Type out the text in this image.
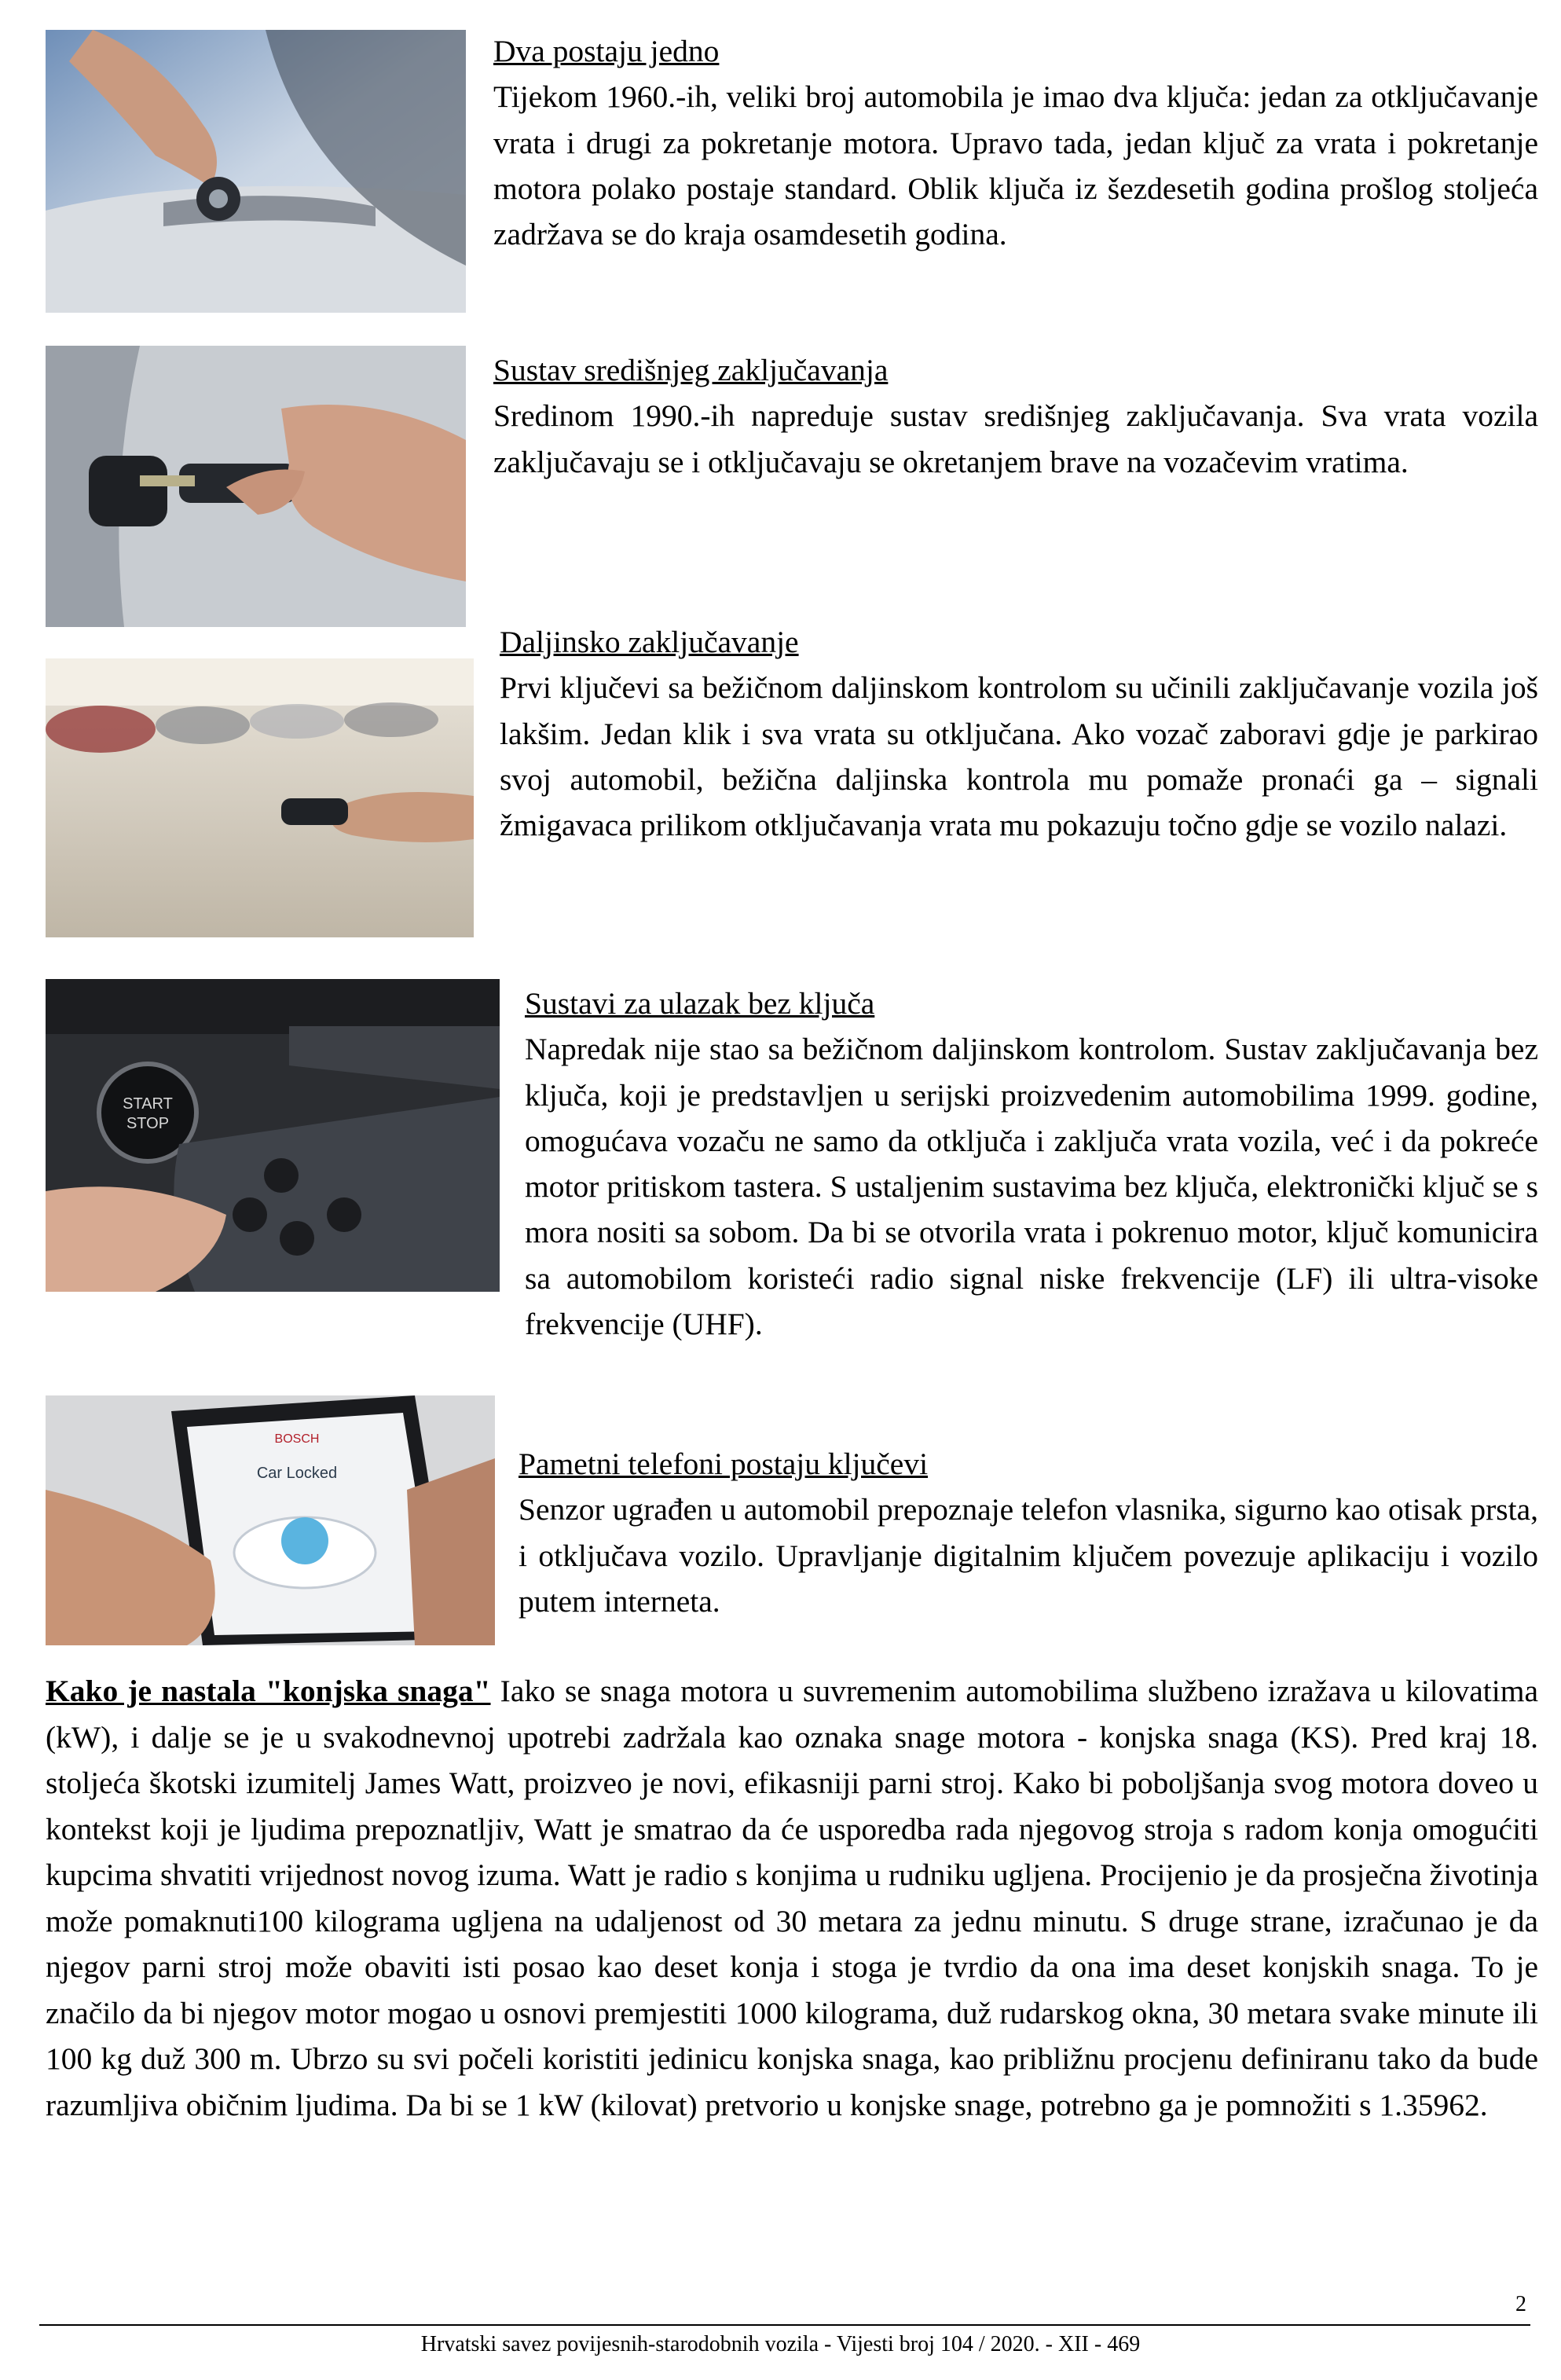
Dva postaju jedno

Tijekom 1960.-ih, veliki broj automobila je imao dva ključa: jedan za otključavanje vrata i drugi za pokretanje motora. Upravo tada, jedan ključ za vrata i pokretanje motora polako postaje standard. Oblik ključa iz šezdesetih godina prošlog stoljeća zadržava se do kraja osamdesetih godina.

Sustav središnjeg zaključavanja

Sredinom 1990.-ih napreduje sustav središnjeg zaključavanja. Sva vrata vozila zaključavaju se i otključavaju se okretanjem brave na vozačevim vratima.

Daljinsko zaključavanje

Prvi ključevi sa bežičnom daljinskom kontrolom su učinili zaključavanje vozila još lakšim. Jedan klik i sva vrata su otključana. Ako vozač zaboravi gdje je parkirao svoj automobil, bežična daljinska kontrola mu pomaže pronaći ga – signali žmigavaca prilikom otključavanja vrata mu pokazuju točno gdje se vozilo nalazi.

START
STOP
Sustavi za ulazak bez ključa

Napredak nije stao sa bežičnom daljinskom kontrolom. Sustav zaključavanja bez ključa, koji je predstavljen u serijski proizvedenim automobilima 1999. godine, omogućava vozaču ne samo da otključa i zaključa vrata vozila, već i da pokreće motor pritiskom tastera. S ustaljenim sustavima bez ključa, elektronički ključ se s mora nositi sa sobom. Da bi se otvorila vrata i pokrenuo motor, ključ komunicira sa automobilom koristeći radio signal niske frekvencije (LF) ili ultra-visoke frekvencije (UHF).

BOSCH
Car Locked	Pametni telefoni postaju ključevi

Senzor ugrađen u automobil prepoznaje telefon vlasnika, sigurno kao otisak prsta, i otključava vozilo. Upravljanje digitalnim ključem povezuje aplikaciju i vozilo putem interneta.

Kako je nastala "konjska snaga" Iako se snaga motora u suvremenim automobilima službeno izražava u kilovatima (kW), i dalje se je u svakodnevnoj upotrebi zadržala kao oznaka snage motora - konjska snaga (KS). Pred kraj 18. stoljeća škotski izumitelj James Watt, proizveo je novi, efikasniji parni stroj. Kako bi poboljšanja svog motora doveo u kontekst koji je ljudima prepoznatljiv, Watt je smatrao da će usporedba rada njegovog stroja s radom konja omogućiti kupcima shvatiti vrijednost novog izuma. Watt je radio s konjima u rudniku ugljena. Procijenio je da prosječna životinja može pomaknuti100 kilograma ugljena na udaljenost od 30 metara za jednu minutu. S druge strane, izračunao je da njegov parni stroj može obaviti isti posao kao deset konja i stoga je tvrdio da ona ima deset konjskih snaga. To je značilo da bi njegov motor mogao u osnovi premjestiti 1000 kilograma, duž rudarskog okna, 30 metara svake minute ili 100 kg duž 300 m. Ubrzo su svi počeli koristiti jedinicu konjska snaga, kao približnu procjenu definiranu tako da bude razumljiva običnim ljudima. Da bi se 1 kW (kilovat) pretvorio u konjske snage, potrebno ga je pomnožiti s 1.35962.
2
Hrvatski savez povijesnih-starodobnih vozila - Vijesti broj 104 / 2020. - XII - 469
